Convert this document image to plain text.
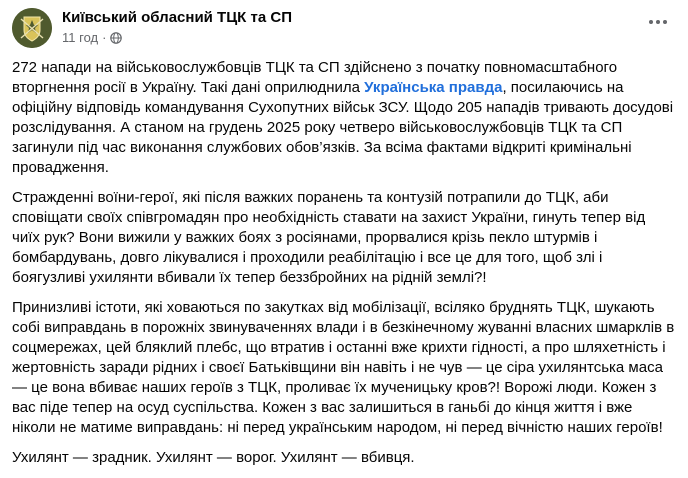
Київський обласний ТЦК та СП
11 год ·

272 напади на військовослужбовців ТЦК та СП здійснено з початку повномасштабного вторгнення росії в Україну. Такі дані оприлюднила Українська правда, посилаючись на офіційну відповідь командування Сухопутних військ ЗСУ. Щодо 205 нападів тривають досудові розслідування. А станом на грудень 2025 року четверо військовослужбовців ТЦК та СП загинули під час виконання службових обов’язків. За всіма фактами відкриті кримінальні провадження.

Стражденні воїни-герої, які після важких поранень та контузій потрапили до ТЦК, аби сповіщати своїх співгромадян про необхідність ставати на захист України, гинуть тепер від чиїх рук? Вони вижили у важких боях з росіянами, прорвалися крізь пекло штурмів і бомбардувань, довго лікувалися і проходили реабілітацію і все це для того, щоб злі і боягузливі ухилянти вбивали їх тепер беззбройних на рідній землі?!

Принизливі істоти, які ховаються по закутках від мобілізації, всіляко бруднять ТЦК, шукають собі виправдань в порожніх звинуваченнях влади і в безкінечному жуванні власних шмарклів в соцмережах, цей бляклий плебс, що втратив і останні вже крихти гідності, а про шляхетність і жертовність заради рідних і своєї Батьківщини він навіть і не чув — це сіра ухилянтська маса — це вона вбиває наших героїв з ТЦК, проливає їх мученицьку кров?! Ворожі люди. Кожен з вас піде тепер на осуд суспільства. Кожен з вас залишиться в ганьбі до кінця життя і вже ніколи не матиме виправдань: ні перед українським народом, ні перед вічністю наших героїв!

Ухилянт — зрадник. Ухилянт — ворог. Ухилянт — вбивця.
